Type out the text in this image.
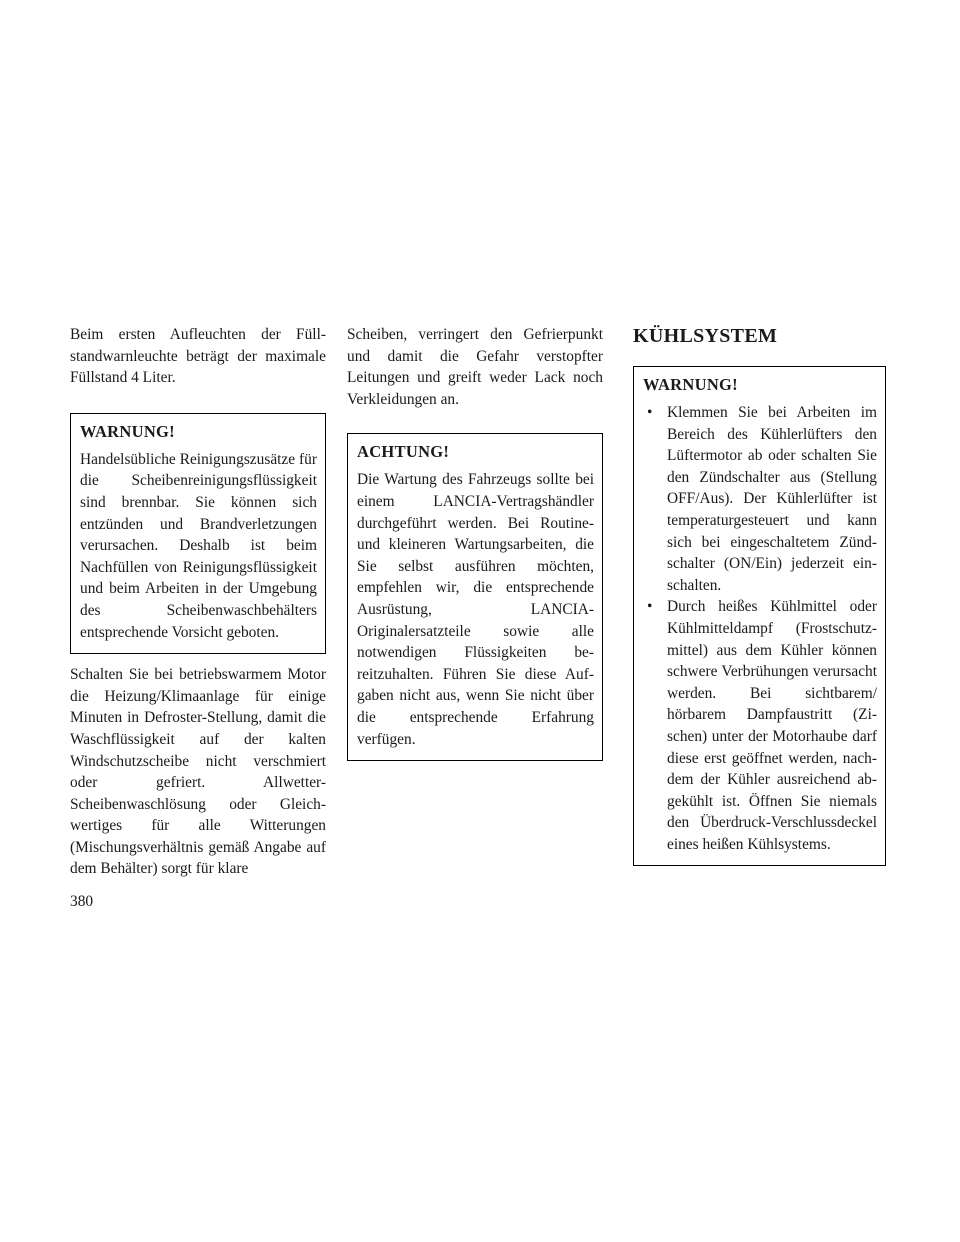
Beim ersten Aufleuchten der Füllstandwarnleuchte beträgt der maximale Füllstand 4 Liter.

WARNUNG!

Handelsübliche Reinigungszusätze für die Scheibenreinigungsflüssigkeit sind brennbar. Sie können sich entzünden und Brandverletzungen verursachen. Deshalb ist beim Nachfüllen von Reinigungsflüssigkeit und beim Arbeiten in der Umgebung des Scheibenwaschbehälters entsprechende Vorsicht geboten.

Schalten Sie bei betriebswarmem Motor die Heizung/Klimaanlage für einige Minuten in Defroster-Stellung, damit die Waschflüssigkeit auf der kalten Windschutzscheibe nicht verschmiert oder gefriert. Allwetter-Scheibenwaschlösung oder Gleichwertiges für alle Witterungen (Mischungsverhältnis gemäß Angabe auf dem Behälter) sorgt für klare

Scheiben, verringert den Gefrierpunkt und damit die Gefahr verstopfter Leitungen und greift weder Lack noch Verkleidungen an.

ACHTUNG!

Die Wartung des Fahrzeugs sollte bei einem LANCIA-Vertragshändler durchgeführt werden. Bei Routine- und kleineren Wartungsarbeiten, die Sie selbst ausführen möchten, empfehlen wir, die entsprechende Ausrüstung, LANCIA-Originalersatzteile sowie alle notwendigen Flüssigkeiten bereitzuhalten. Führen Sie diese Aufgaben nicht aus, wenn Sie nicht über die entsprechende Erfahrung verfügen.

KÜHLSYSTEM
WARNUNG!
• Klemmen Sie bei Arbeiten im Bereich des Kühlerlüfters den Lüftermotor ab oder schalten Sie den Zündschalter aus (Stellung OFF/Aus). Der Kühlerlüfter ist temperaturgesteuert und kann sich bei eingeschaltetem Zündschalter (ON/Ein) jederzeit einschalten.
• Durch heißes Kühlmittel oder Kühlmitteldampf (Frostschutzmittel) aus dem Kühler können schwere Verbrühungen verursacht werden. Bei sichtbarem/ hörbarem Dampfaustritt (Zischen) unter der Motorhaube darf diese erst geöffnet werden, nachdem der Kühler ausreichend abgekühlt ist. Öffnen Sie niemals den Überdruck-Verschlussdeckel eines heißen Kühlsystems.
380
